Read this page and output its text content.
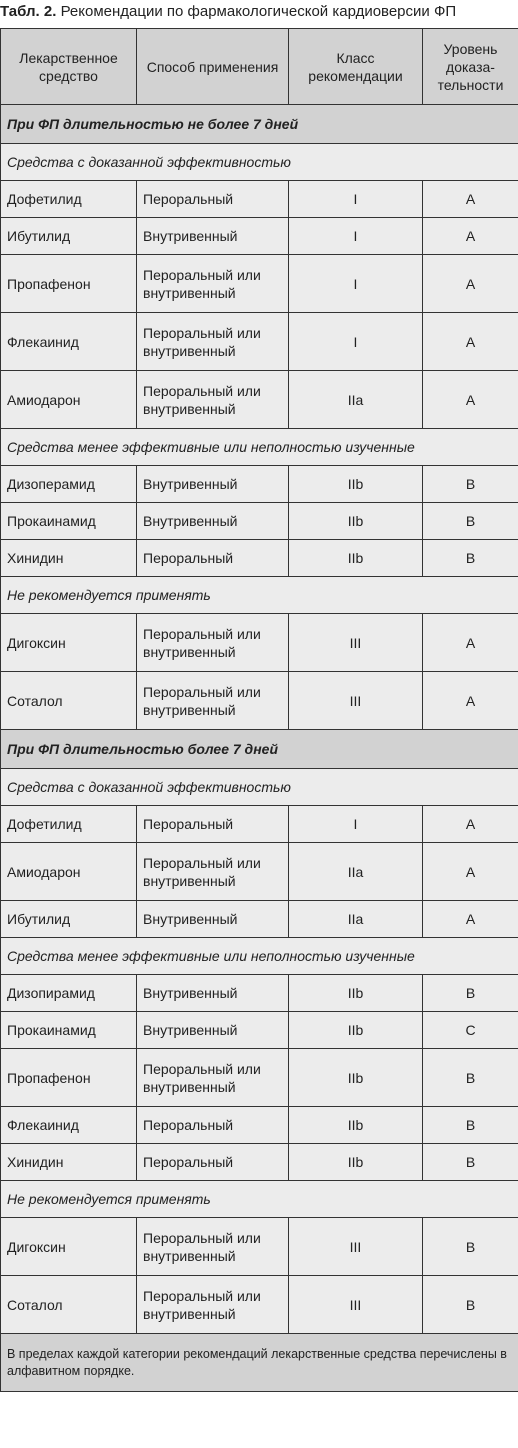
Табл. 2. Рекомендации по фармакологической кардиоверсии ФП
Лекарственное средство	Способ применения	Класс рекомендации	Уровень доказа-тельности
При ФП длительностью не более 7 дней			
Средства с доказанной эффективностью			
Дофетилид	Пероральный	I	A
Ибутилид	Внутривенный	I	A
Пропафенон	Пероральный или внутривенный	I	A
Флекаинид	Пероральный или внутривенный	I	A
Амиодарон	Пероральный или внутривенный	IIa	A
Средства менее эффективные или неполностью изученные			
Дизоперамид	Внутривенный	IIb	B
Прокаинамид	Внутривенный	IIb	B
Хинидин	Пероральный	IIb	B
Не рекомендуется применять			
Дигоксин	Пероральный или внутривенный	III	A
Соталол	Пероральный или внутривенный	III	A
При ФП длительностью более 7 дней			
Средства с доказанной эффективностью			
Дофетилид	Пероральный	I	A
Амиодарон	Пероральный или внутривенный	IIa	A
Ибутилид	Внутривенный	IIa	A
Средства менее эффективные или неполностью изученные			
Дизопирамид	Внутривенный	IIb	B
Прокаинамид	Внутривенный	IIb	C
Пропафенон	Пероральный или внутривенный	IIb	B
Флекаинид	Пероральный	IIb	B
Хинидин	Пероральный	IIb	B
Не рекомендуется применять			
Дигоксин	Пероральный или внутривенный	III	B
Соталол	Пероральный или внутривенный	III	B
В пределах каждой категории рекомендаций лекарственные средства перечислены в алфавитном порядке.			
